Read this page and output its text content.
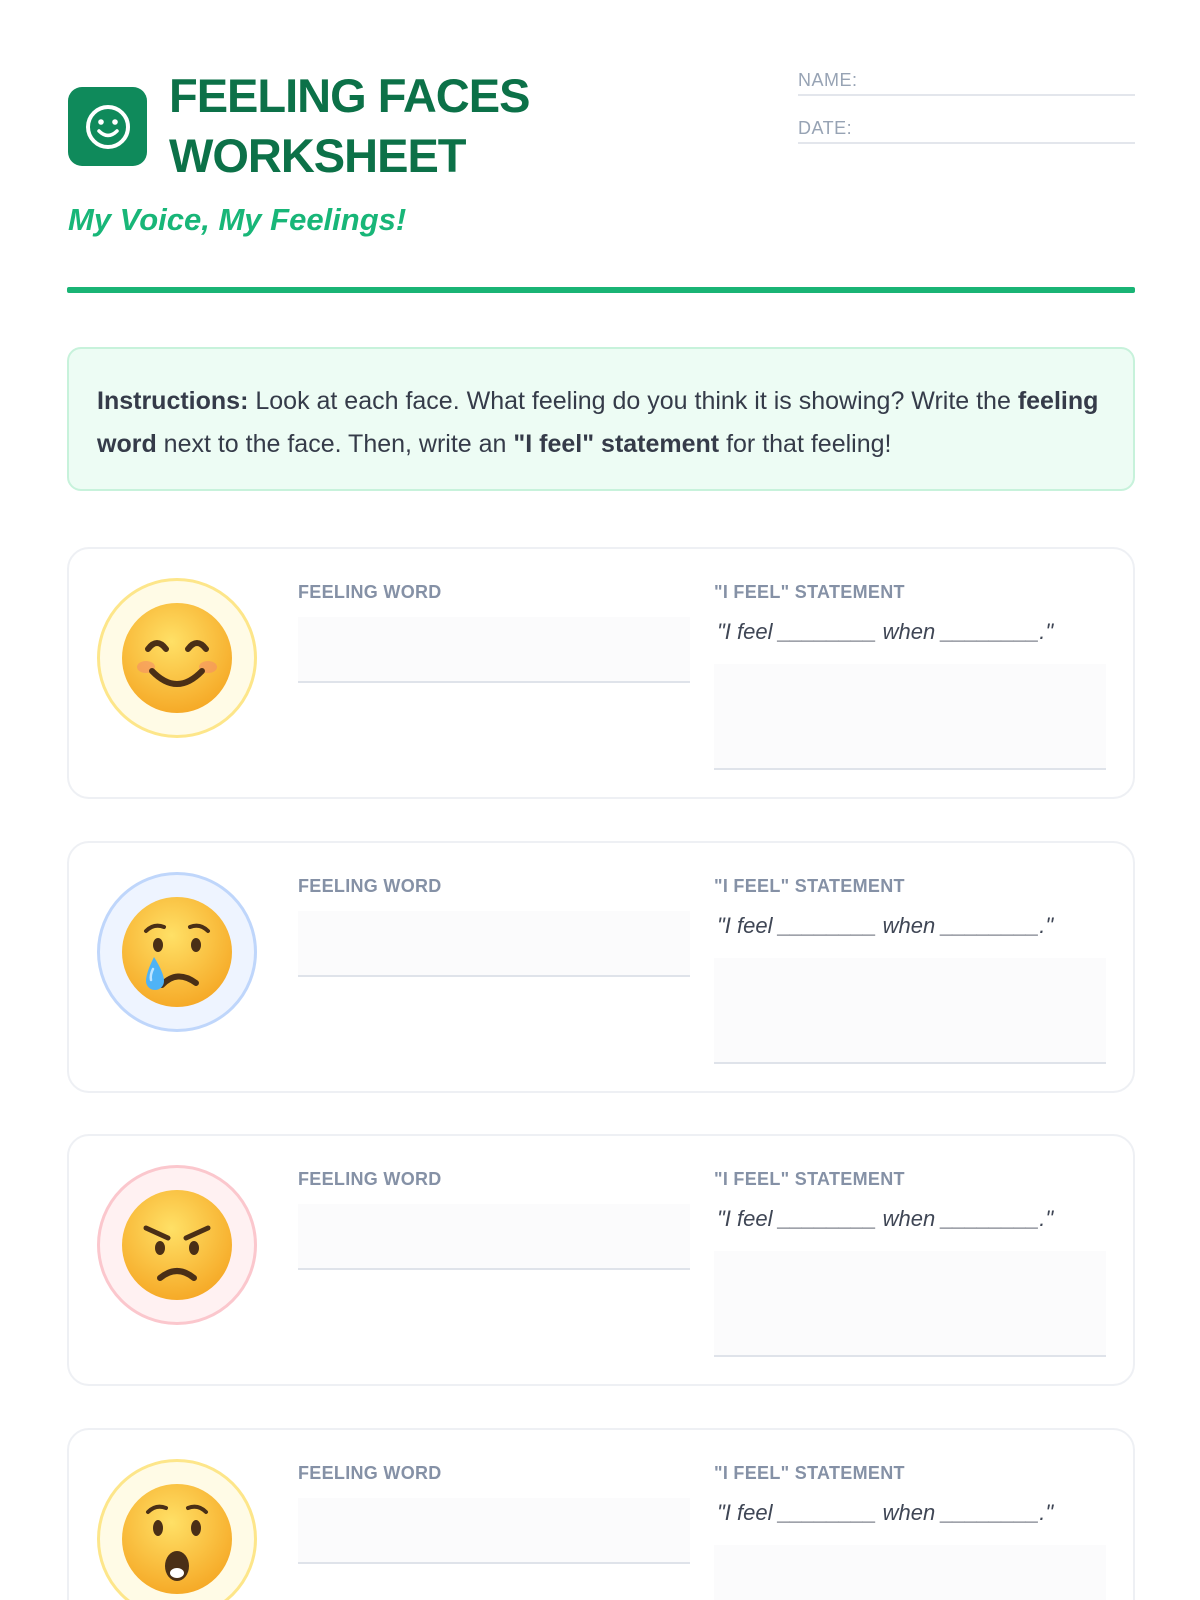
FEELING FACES
WORKSHEET
My Voice, My Feelings!
NAME:
DATE:
Instructions: Look at each face. What feeling do you think it is showing? Write the feeling word next to the face. Then, write an "I feel" statement for that feeling!
FEELING WORD	"I FEEL" STATEMENT
"I feel ________ when ________."
FEELING WORD	"I FEEL" STATEMENT
"I feel ________ when ________."
FEELING WORD	"I FEEL" STATEMENT
"I feel ________ when ________."
FEELING WORD	"I FEEL" STATEMENT
"I feel ________ when ________."
